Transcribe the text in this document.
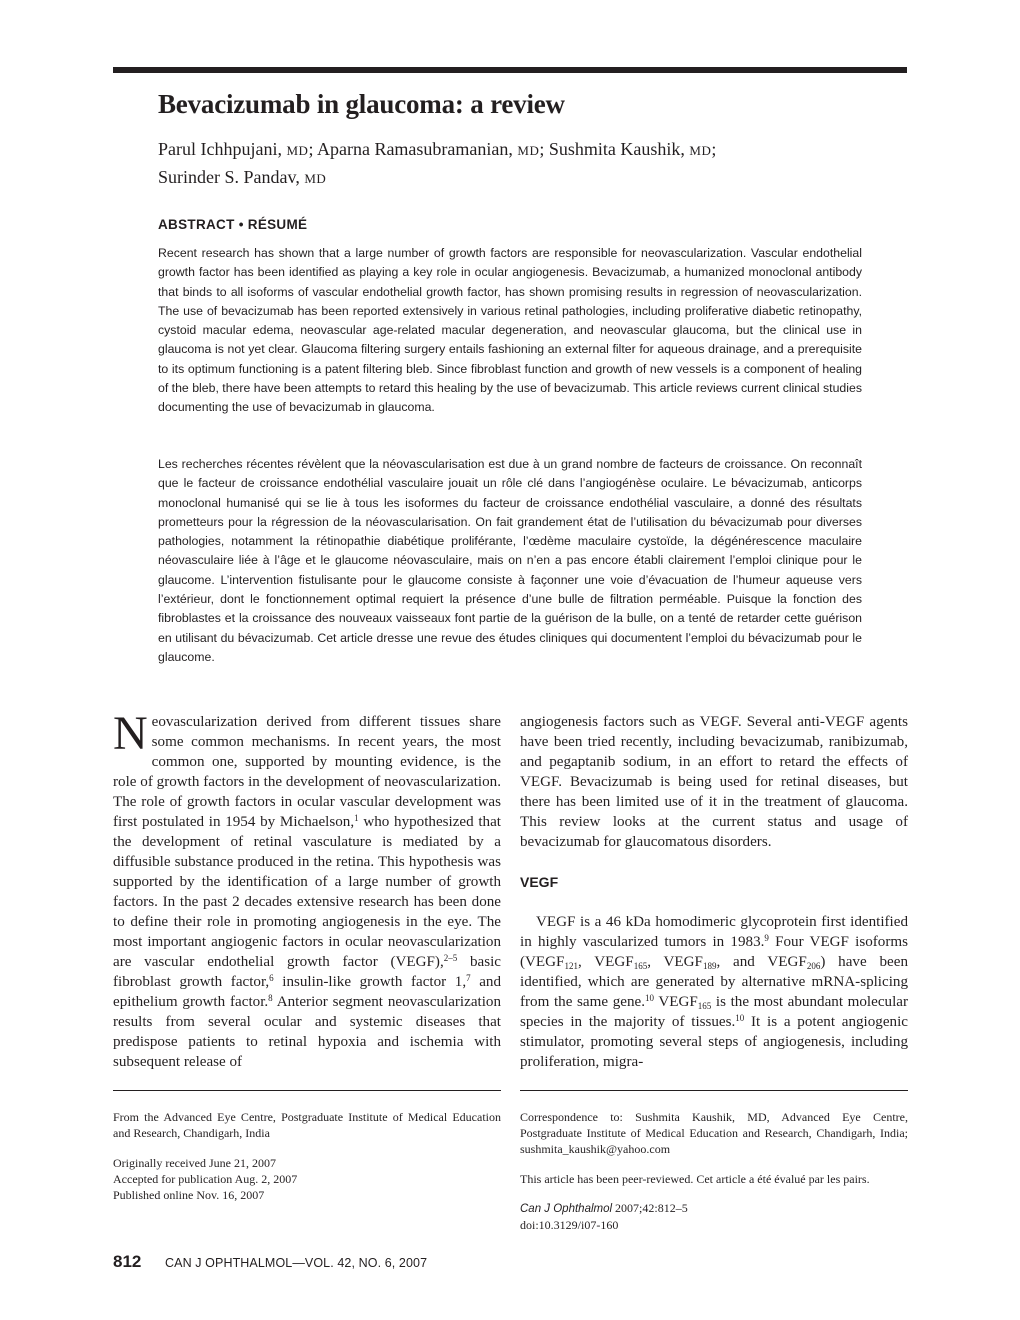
Bevacizumab in glaucoma: a review
Parul Ichhpujani, MD; Aparna Ramasubramanian, MD; Sushmita Kaushik, MD;
Surinder S. Pandav, MD
ABSTRACT • RÉSUMÉ
Recent research has shown that a large number of growth factors are responsible for neovascularization. Vascular endothelial growth factor has been identified as playing a key role in ocular angiogenesis. Bevacizumab, a humanized monoclonal antibody that binds to all isoforms of vascular endothelial growth factor, has shown promising results in regression of neovascularization. The use of bevacizumab has been reported extensively in various retinal pathologies, including proliferative diabetic retinopathy, cystoid macular edema, neovascular age-related macular degeneration, and neovascular glaucoma, but the clinical use in glaucoma is not yet clear. Glaucoma filtering surgery entails fashioning an external filter for aqueous drainage, and a prerequisite to its optimum functioning is a patent filtering bleb. Since fibroblast function and growth of new vessels is a component of healing of the bleb, there have been attempts to retard this healing by the use of bevacizumab. This article reviews current clinical studies documenting the use of bevacizumab in glaucoma.
Les recherches récentes révèlent que la néovascularisation est due à un grand nombre de facteurs de croissance. On reconnaît que le facteur de croissance endothélial vasculaire jouait un rôle clé dans l’angiogénèse oculaire. Le bévacizumab, anticorps monoclonal humanisé qui se lie à tous les isoformes du facteur de croissance endothélial vasculaire, a donné des résultats prometteurs pour la régression de la néovascularisation. On fait grandement état de l’utilisation du bévacizumab pour diverses pathologies, notamment la rétinopathie diabétique proliférante, l’œdème maculaire cystoïde, la dégénérescence maculaire néovasculaire liée à l’âge et le glaucome néovasculaire, mais on n’en a pas encore établi clairement l’emploi clinique pour le glaucome. L’intervention fistulisante pour le glaucome consiste à façonner une voie d’évacuation de l’humeur aqueuse vers l’extérieur, dont le fonctionnement optimal requiert la présence d’une bulle de filtration perméable. Puisque la fonction des fibroblastes et la croissance des nouveaux vaisseaux font partie de la guérison de la bulle, on a tenté de retarder cette guérison en utilisant du bévacizumab. Cet article dresse une revue des études cliniques qui documentent l’emploi du bévacizumab pour le glaucome.

Neovascularization derived from different tissues share some common mechanisms. In recent years, the most common one, supported by mounting evidence, is the role of growth factors in the development of neovascularization. The role of growth factors in ocular vascular development was first postulated in 1954 by Michaelson,$^1$ who hypothesized that the development of retinal vasculature is mediated by a diffusible substance produced in the retina. This hypothesis was supported by the identification of a large number of growth factors. In the past 2 decades extensive research has been done to define their role in promoting angiogenesis in the eye. The most important angiogenic factors in ocular neovascularization are vascular endothelial growth factor (VEGF),$^{2-5}$ basic fibroblast growth factor,$^6$ insulin-like growth factor 1,$^7$ and epithelium growth factor.$^8$ Anterior segment neovascularization results from several ocular and systemic diseases that predispose patients to retinal hypoxia and ischemia with subsequent release of

angiogenesis factors such as VEGF. Several anti-VEGF agents have been tried recently, including bevacizumab, ranibizumab, and pegaptanib sodium, in an effort to retard the effects of VEGF. Bevacizumab is being used for retinal diseases, but there has been limited use of it in the treatment of glaucoma. This review looks at the current status and usage of bevacizumab for glaucomatous disorders.

VEGF

VEGF is a 46 kDa homodimeric glycoprotein first identified in highly vascularized tumors in 1983.$^9$ Four VEGF isoforms ($VEGF_{121}$, $VEGF_{165}$, $VEGF_{189}$, and $VEGF_{206}$) have been identified, which are generated by alternative mRNA-splicing from the same gene.$^{10}$ $VEGF_{165}$ is the most abundant molecular species in the majority of tissues.$^{10}$ It is a potent angiogenic stimulator, promoting several steps of angiogenesis, including proliferation, migra-

From the Advanced Eye Centre, Postgraduate Institute of Medical Education and Research, Chandigarh, India

Originally received June 21, 2007

Accepted for publication Aug. 2, 2007

Published online Nov. 16, 2007

Correspondence to: Sushmita Kaushik, MD, Advanced Eye Centre, Postgraduate Institute of Medical Education and Research, Chandigarh, India; sushmita_kaushik@yahoo.com
This article has been peer-reviewed. Cet article a été évalué par les pairs.

Can J Ophthalmol 2007;42:812–5

doi:10.3129/i07-160

812 CAN J OPHTHALMOL—VOL. 42, NO. 6, 2007
